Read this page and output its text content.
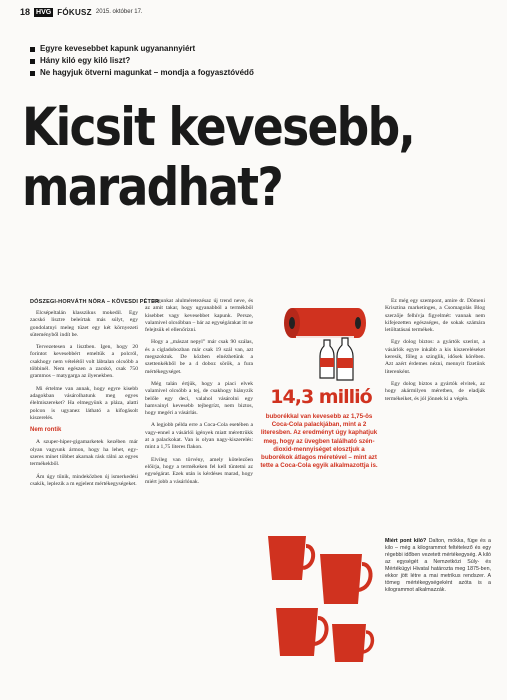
18 HVG FÓKUSZ 2015. október 17.
Egyre kevesebbet kapunk ugyanannyiért
Hány kiló egy kiló liszt?
Ne hagyjuk ötverni magunkat – mondja a fogyasztóvédő
Kicsit kevesebb,
maradhat?
DÓSZEGI-HORVÁTH NÓRA – KÖVESDI PÉTER

Elcsépeltalán klasszikus mokedil. Egy zacskó lisztre beleírtak más súlyt, egy gondolatnyi meleg tüzet egy két környezeti süteményből indít be.

Tervezetesen a lisztben. Igen, hogy 20 forintot kevesebbért emeltük a polcról, csakhogy nem vételétől volt lábtalan olcsóbb a többinél. Nem egészen a zacskó, csak 750 grammos – matygarga az ilyenekben.

Mi értelme van annak, hogy egyre kisebb adagokban vásárolhatunk meg egyes élelmiszereket? Ha elmegyünk a pláza, alatti polcon is ugyanez látható a kifogásolt kiszerelés.

Nem rontik

A szuper-hiper-gigamarketek kezében már olyan vagyunk ármon, hogy ha lehet, egy-szeres mínet többet akarnak rásk rálni az egyes termékekből.

Ám úgy tűnik, mindeközben új ismerkedési csakik, leplezik a m egjelent mértékegységeket.

magunkat alulméretezésaz új trend neve, és az amit takar, hogy ugyanabból a termékből kisebbet vagy kevesebbet kapunk. Persze, valamivel olcsóbban – bár az egységárakat itt se felejtsük el ellenőrizni.

Hogy a „mászat nepyl” már csak 90 szálas, és a cigladobozban már csak 19 szál van, azt megszoktuk. De közben elnézhetünk a szettenkékből be a 4 doboz sörök, a fura mértékegységet.

Még talán értjük, hogy a piaci elvek valamivel olcsóbb a tej, de csakhogy hiányzik belőle egy deci, valahol vásárolni egy hamvainyl kevesebb tejbegrízt, nem biztos, hogy megéri a vásárlás.

A legjobb példa erre a Coca-Cola esetében a vagy-ennel a vásárlói igények miatt mérettrükk at a palackokat. Van is olyan nagy-kiszerelés: mint a 1,75 literes flakon.

Elvileg van törvény, amely kötelezően előírja, hogy a termékeken fel kell tüntetni az egységárat. Ezek után is kérdéses marad, hogy miért jobb a vásárlónak.

14,3 millió
buborékkal van kevesebb az 1,75-ös Coca-Cola palackjában, mint a 2 literesben. Az eredményt úgy kaphatjuk meg, hogy az üvegben található szén-dioxid-mennyiséget elosztjuk a buborékok átlagos méretével – mint azt tette a Coca-Cola egyik alkalmazottja is.

Ez még egy szempont, amire dr. Dömeni Krisztina marketinges, a Csomagolás Blog szerzője felhívja figyelmét: vannak nem kifejezetten egészséges, de sokak számára letöltatásaú termékek.

Egy dolog biztos: a gyártók szerint, a vásárlók egyre inkább a kis kiszereléseket keresik, főleg a szinglik, idősek körében. Azt azért érdemes nézni, mennyit fizetünk literenként.

Egy dolog biztos a gyártók elvitek, az hogy akármilyen méretben, de eladják termékeiket, és jól jönnek ki a végén.

Miért pont kiló? Dalton, mókka, füge és a kilo – még a kilogrammot feltételező és egy régebbi időben vezetett mértékegység. A kiló az egységét a Nemzetközi Súly- és Mértékügyi Hivatal határozta meg 1875-ben, ekkor jött létre a mai metrikus rendszer. A tömeg mértékegységeként azóta is a kilogrammot alkalmazzák.
